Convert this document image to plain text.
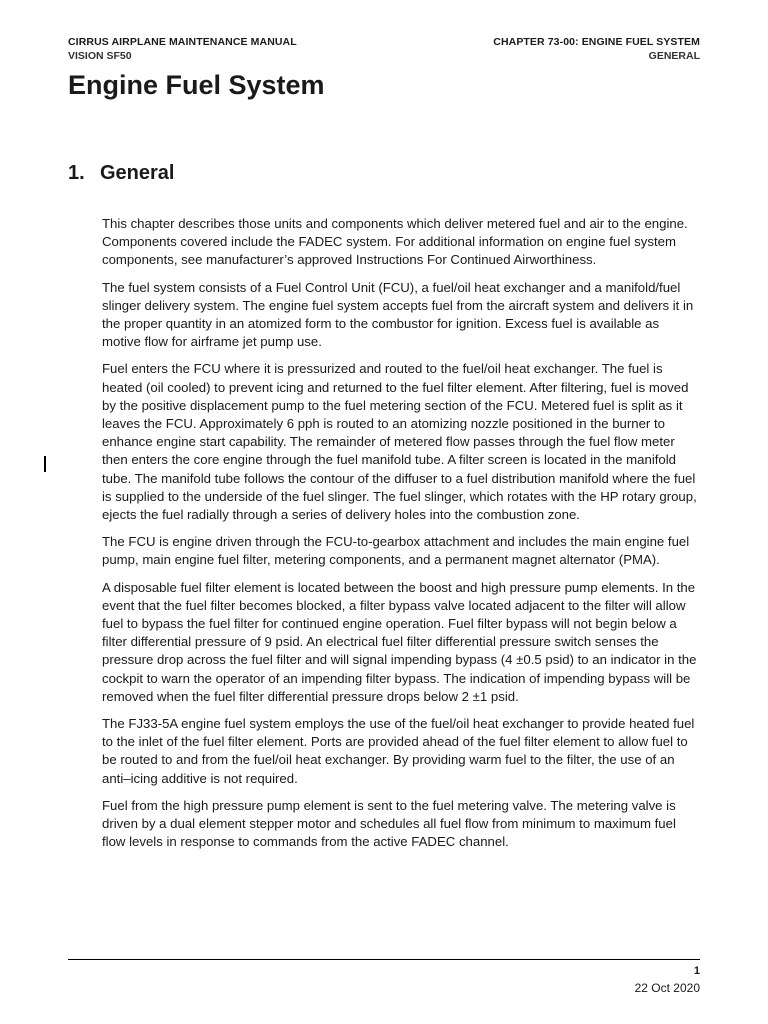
CIRRUS AIRPLANE MAINTENANCE MANUAL
VISION SF50
CHAPTER 73-00: ENGINE FUEL SYSTEM
GENERAL
Engine Fuel System
1. General

This chapter describes those units and components which deliver metered fuel and air to the engine. Components covered include the FADEC system. For additional information on engine fuel system components, see manufacturer’s approved Instructions For Continued Airworthiness.

The fuel system consists of a Fuel Control Unit (FCU), a fuel/oil heat exchanger and a manifold/fuel slinger delivery system. The engine fuel system accepts fuel from the aircraft system and delivers it in the proper quantity in an atomized form to the combustor for ignition. Excess fuel is available as motive flow for airframe jet pump use.

Fuel enters the FCU where it is pressurized and routed to the fuel/oil heat exchanger. The fuel is heated (oil cooled) to prevent icing and returned to the fuel filter element. After filtering, fuel is moved by the positive displacement pump to the fuel metering section of the FCU. Metered fuel is split as it leaves the FCU. Approximately 6 pph is routed to an atomizing nozzle positioned in the burner to enhance engine start capability. The remainder of metered flow passes through the fuel flow meter then enters the core engine through the fuel manifold tube. A filter screen is located in the manifold tube. The manifold tube follows the contour of the diffuser to a fuel distribution manifold where the fuel is supplied to the underside of the fuel slinger. The fuel slinger, which rotates with the HP rotary group, ejects the fuel radially through a series of delivery holes into the combustion zone.

The FCU is engine driven through the FCU-to-gearbox attachment and includes the main engine fuel pump, main engine fuel filter, metering components, and a permanent magnet alternator (PMA).

A disposable fuel filter element is located between the boost and high pressure pump elements. In the event that the fuel filter becomes blocked, a filter bypass valve located adjacent to the filter will allow fuel to bypass the fuel filter for continued engine operation. Fuel filter bypass will not begin below a filter differential pressure of 9 psid. An electrical fuel filter differential pressure switch senses the pressure drop across the fuel filter and will signal impending bypass (4 ±0.5 psid) to an indicator in the cockpit to warn the operator of an impending filter bypass. The indication of impending bypass will be removed when the fuel filter differential pressure drops below 2 ±1 psid.

The FJ33-5A engine fuel system employs the use of the fuel/oil heat exchanger to provide heated fuel to the inlet of the fuel filter element. Ports are provided ahead of the fuel filter element to allow fuel to be routed to and from the fuel/oil heat exchanger. By providing warm fuel to the filter, the use of an anti–icing additive is not required.

Fuel from the high pressure pump element is sent to the fuel metering valve. The metering valve is driven by a dual element stepper motor and schedules all fuel flow from minimum to maximum fuel flow levels in response to commands from the active FADEC channel.

1
22 Oct 2020
